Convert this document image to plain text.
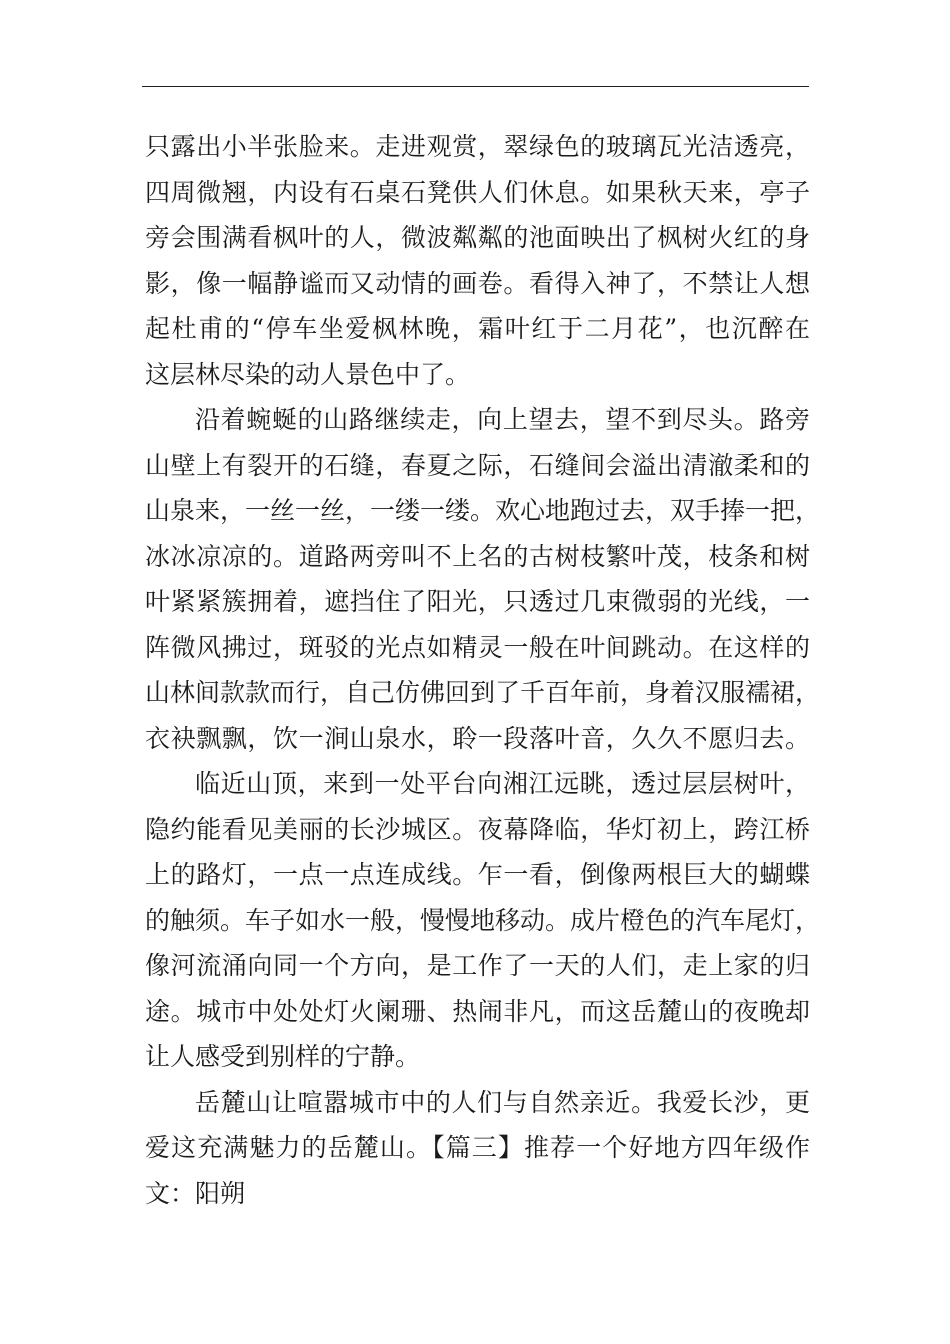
只露出小半张脸来。走进观赏，翠绿色的玻璃瓦光洁透亮，
四周微翘，内设有石桌石凳供人们休息。如果秋天来，亭子
旁会围满看枫叶的人，微波粼粼的池面映出了枫树火红的身
影，像一幅静谧而又动情的画卷。看得入神了，不禁让人想
起杜甫的“停车坐爱枫林晚，霜叶红于二月花”，也沉醉在
这层林尽染的动人景色中了。
沿着蜿蜒的山路继续走，向上望去，望不到尽头。路旁
山壁上有裂开的石缝，春夏之际，石缝间会溢出清澈柔和的
山泉来，一丝一丝，一缕一缕。欢心地跑过去，双手捧一把，
冰冰凉凉的。道路两旁叫不上名的古树枝繁叶茂，枝条和树
叶紧紧簇拥着，遮挡住了阳光，只透过几束微弱的光线，一
阵微风拂过，斑驳的光点如精灵一般在叶间跳动。在这样的
山林间款款而行，自己仿佛回到了千百年前，身着汉服襦裙，
衣袂飘飘，饮一涧山泉水，聆一段落叶音，久久不愿归去。
临近山顶，来到一处平台向湘江远眺，透过层层树叶，
隐约能看见美丽的长沙城区。夜幕降临，华灯初上，跨江桥
上的路灯，一点一点连成线。乍一看，倒像两根巨大的蝴蝶
的触须。车子如水一般，慢慢地移动。成片橙色的汽车尾灯，
像河流涌向同一个方向，是工作了一天的人们，走上家的归
途。城市中处处灯火阑珊、热闹非凡，而这岳麓山的夜晚却
让人感受到别样的宁静。
岳麓山让喧嚣城市中的人们与自然亲近。我爱长沙，更
爱这充满魅力的岳麓山。【篇三】推荐一个好地方四年级作
文：阳朔
